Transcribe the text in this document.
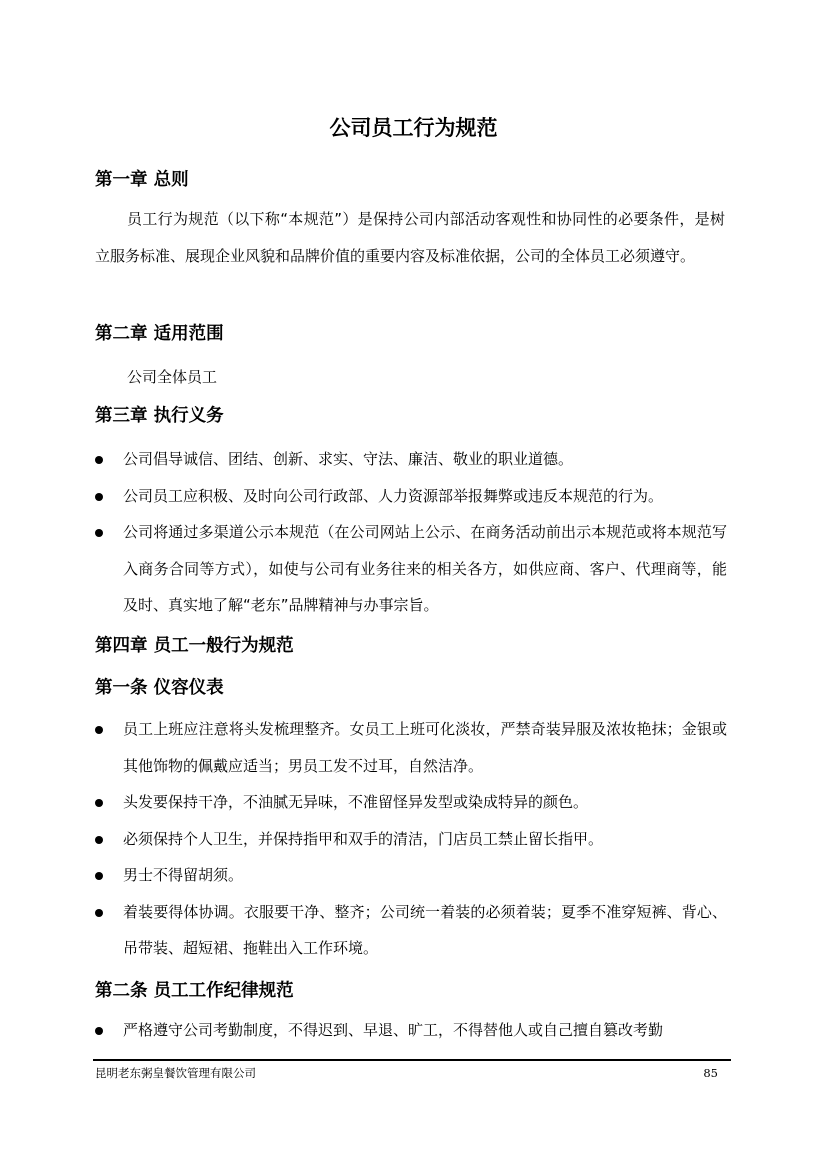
公司员工行为规范
第一章 总则

员工行为规范（以下称“本规范”）是保持公司内部活动客观性和协同性的必要条件，是树立服务标准、展现企业风貌和品牌价值的重要内容及标准依据，公司的全体员工必须遵守。

第二章 适用范围

公司全体员工

第三章 执行义务
公司倡导诚信、团结、创新、求实、守法、廉洁、敬业的职业道德。
公司员工应积极、及时向公司行政部、人力资源部举报舞弊或违反本规范的行为。
公司将通过多渠道公示本规范（在公司网站上公示、在商务活动前出示本规范或将本规范写入商务合同等方式），如使与公司有业务往来的相关各方，如供应商、客户、代理商等，能及时、真实地了解“老东”品牌精神与办事宗旨。
第四章 员工一般行为规范
第一条 仪容仪表
员工上班应注意将头发梳理整齐。女员工上班可化淡妆，严禁奇装异服及浓妆艳抹；金银或其他饰物的佩戴应适当；男员工发不过耳，自然洁净。
头发要保持干净，不油腻无异味，不准留怪异发型或染成特异的颜色。
必须保持个人卫生，并保持指甲和双手的清洁，门店员工禁止留长指甲。
男士不得留胡须。
着装要得体协调。衣服要干净、整齐；公司统一着装的必须着装；夏季不准穿短裤、背心、吊带装、超短裙、拖鞋出入工作环境。
第二条 员工工作纪律规范
严格遵守公司考勤制度，不得迟到、早退、旷工，不得替他人或自己擅自篡改考勤
昆明老东粥皇餐饮管理有限公司	85
